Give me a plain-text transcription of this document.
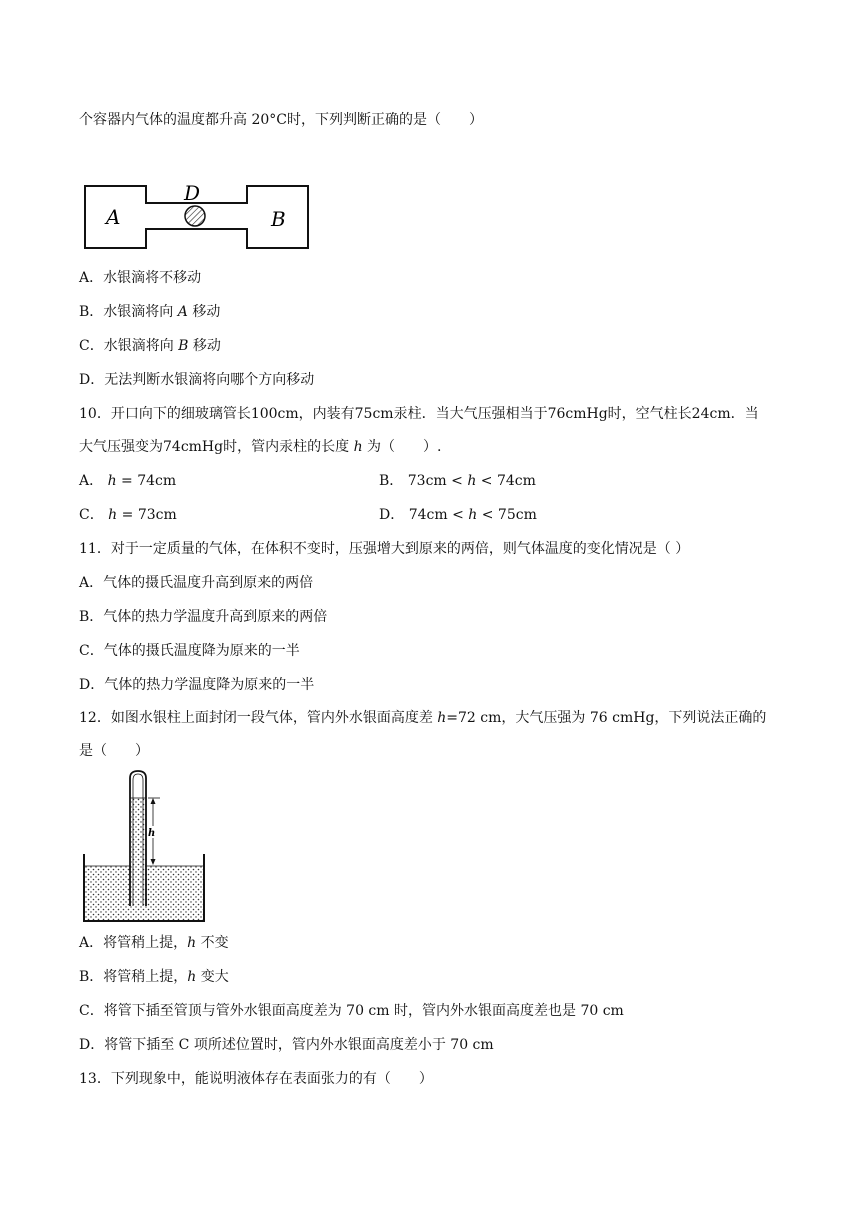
个容器内气体的温度都升高 20°C时，下列判断正确的是（　　）
A
D
B
A．水银滴将不移动
B．水银滴将向 A 移动
C．水银滴将向 B 移动
D．无法判断水银滴将向哪个方向移动
10．开口向下的细玻璃管长100cm，内装有75cm汞柱．当大气压强相当于76cmHg时，空气柱长24cm．当
大气压强变为74cmHg时，管内汞柱的长度 h 为（　　）.
A． h = 74cm	B． 73cm < h < 74cm
C． h = 73cm	D． 74cm < h < 75cm
11．对于一定质量的气体，在体积不变时，压强增大到原来的两倍，则气体温度的变化情况是（ ）
A．气体的摄氏温度升高到原来的两倍
B．气体的热力学温度升高到原来的两倍
C．气体的摄氏温度降为原来的一半
D．气体的热力学温度降为原来的一半
12．如图水银柱上面封闭一段气体，管内外水银面高度差 h=72 cm，大气压强为 76 cmHg，下列说法正确的
是（　　）
h
A．将管稍上提，h 不变
B．将管稍上提，h 变大
C．将管下插至管顶与管外水银面高度差为 70 cm 时，管内外水银面高度差也是 70 cm
D．将管下插至 C 项所述位置时，管内外水银面高度差小于 70 cm
13．下列现象中，能说明液体存在表面张力的有（　　）
